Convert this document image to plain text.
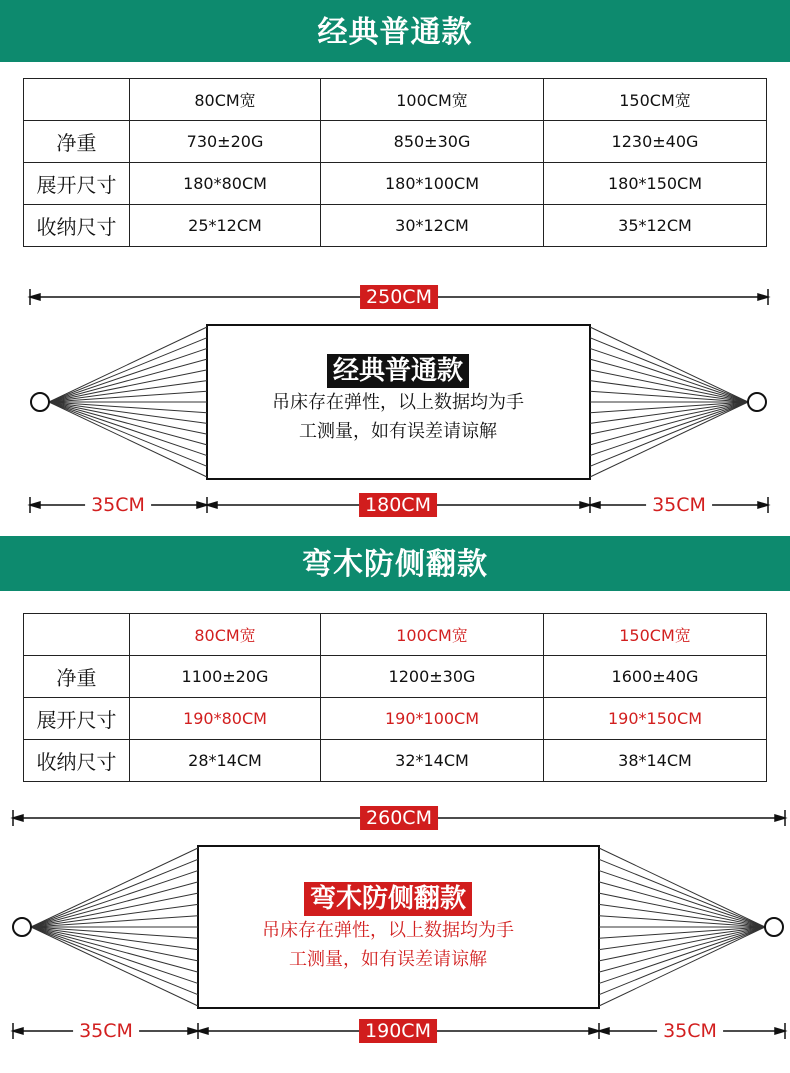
经典普通款
	80CM宽	100CM宽	150CM宽
净重	730±20G	850±30G	1230±40G
展开尺寸	180*80CM	180*100CM	180*150CM
收纳尺寸	25*12CM	30*12CM	35*12CM
250CM
经典普通款
吊床存在弹性，以上数据均为手
工测量，如有误差请谅解
35CM	180CM	35CM
弯木防侧翻款
	80CM宽	100CM宽	150CM宽
净重	1100±20G	1200±30G	1600±40G
展开尺寸	190*80CM	190*100CM	190*150CM
收纳尺寸	28*14CM	32*14CM	38*14CM
260CM
弯木防侧翻款
吊床存在弹性，以上数据均为手
工测量，如有误差请谅解
35CM	190CM	35CM
